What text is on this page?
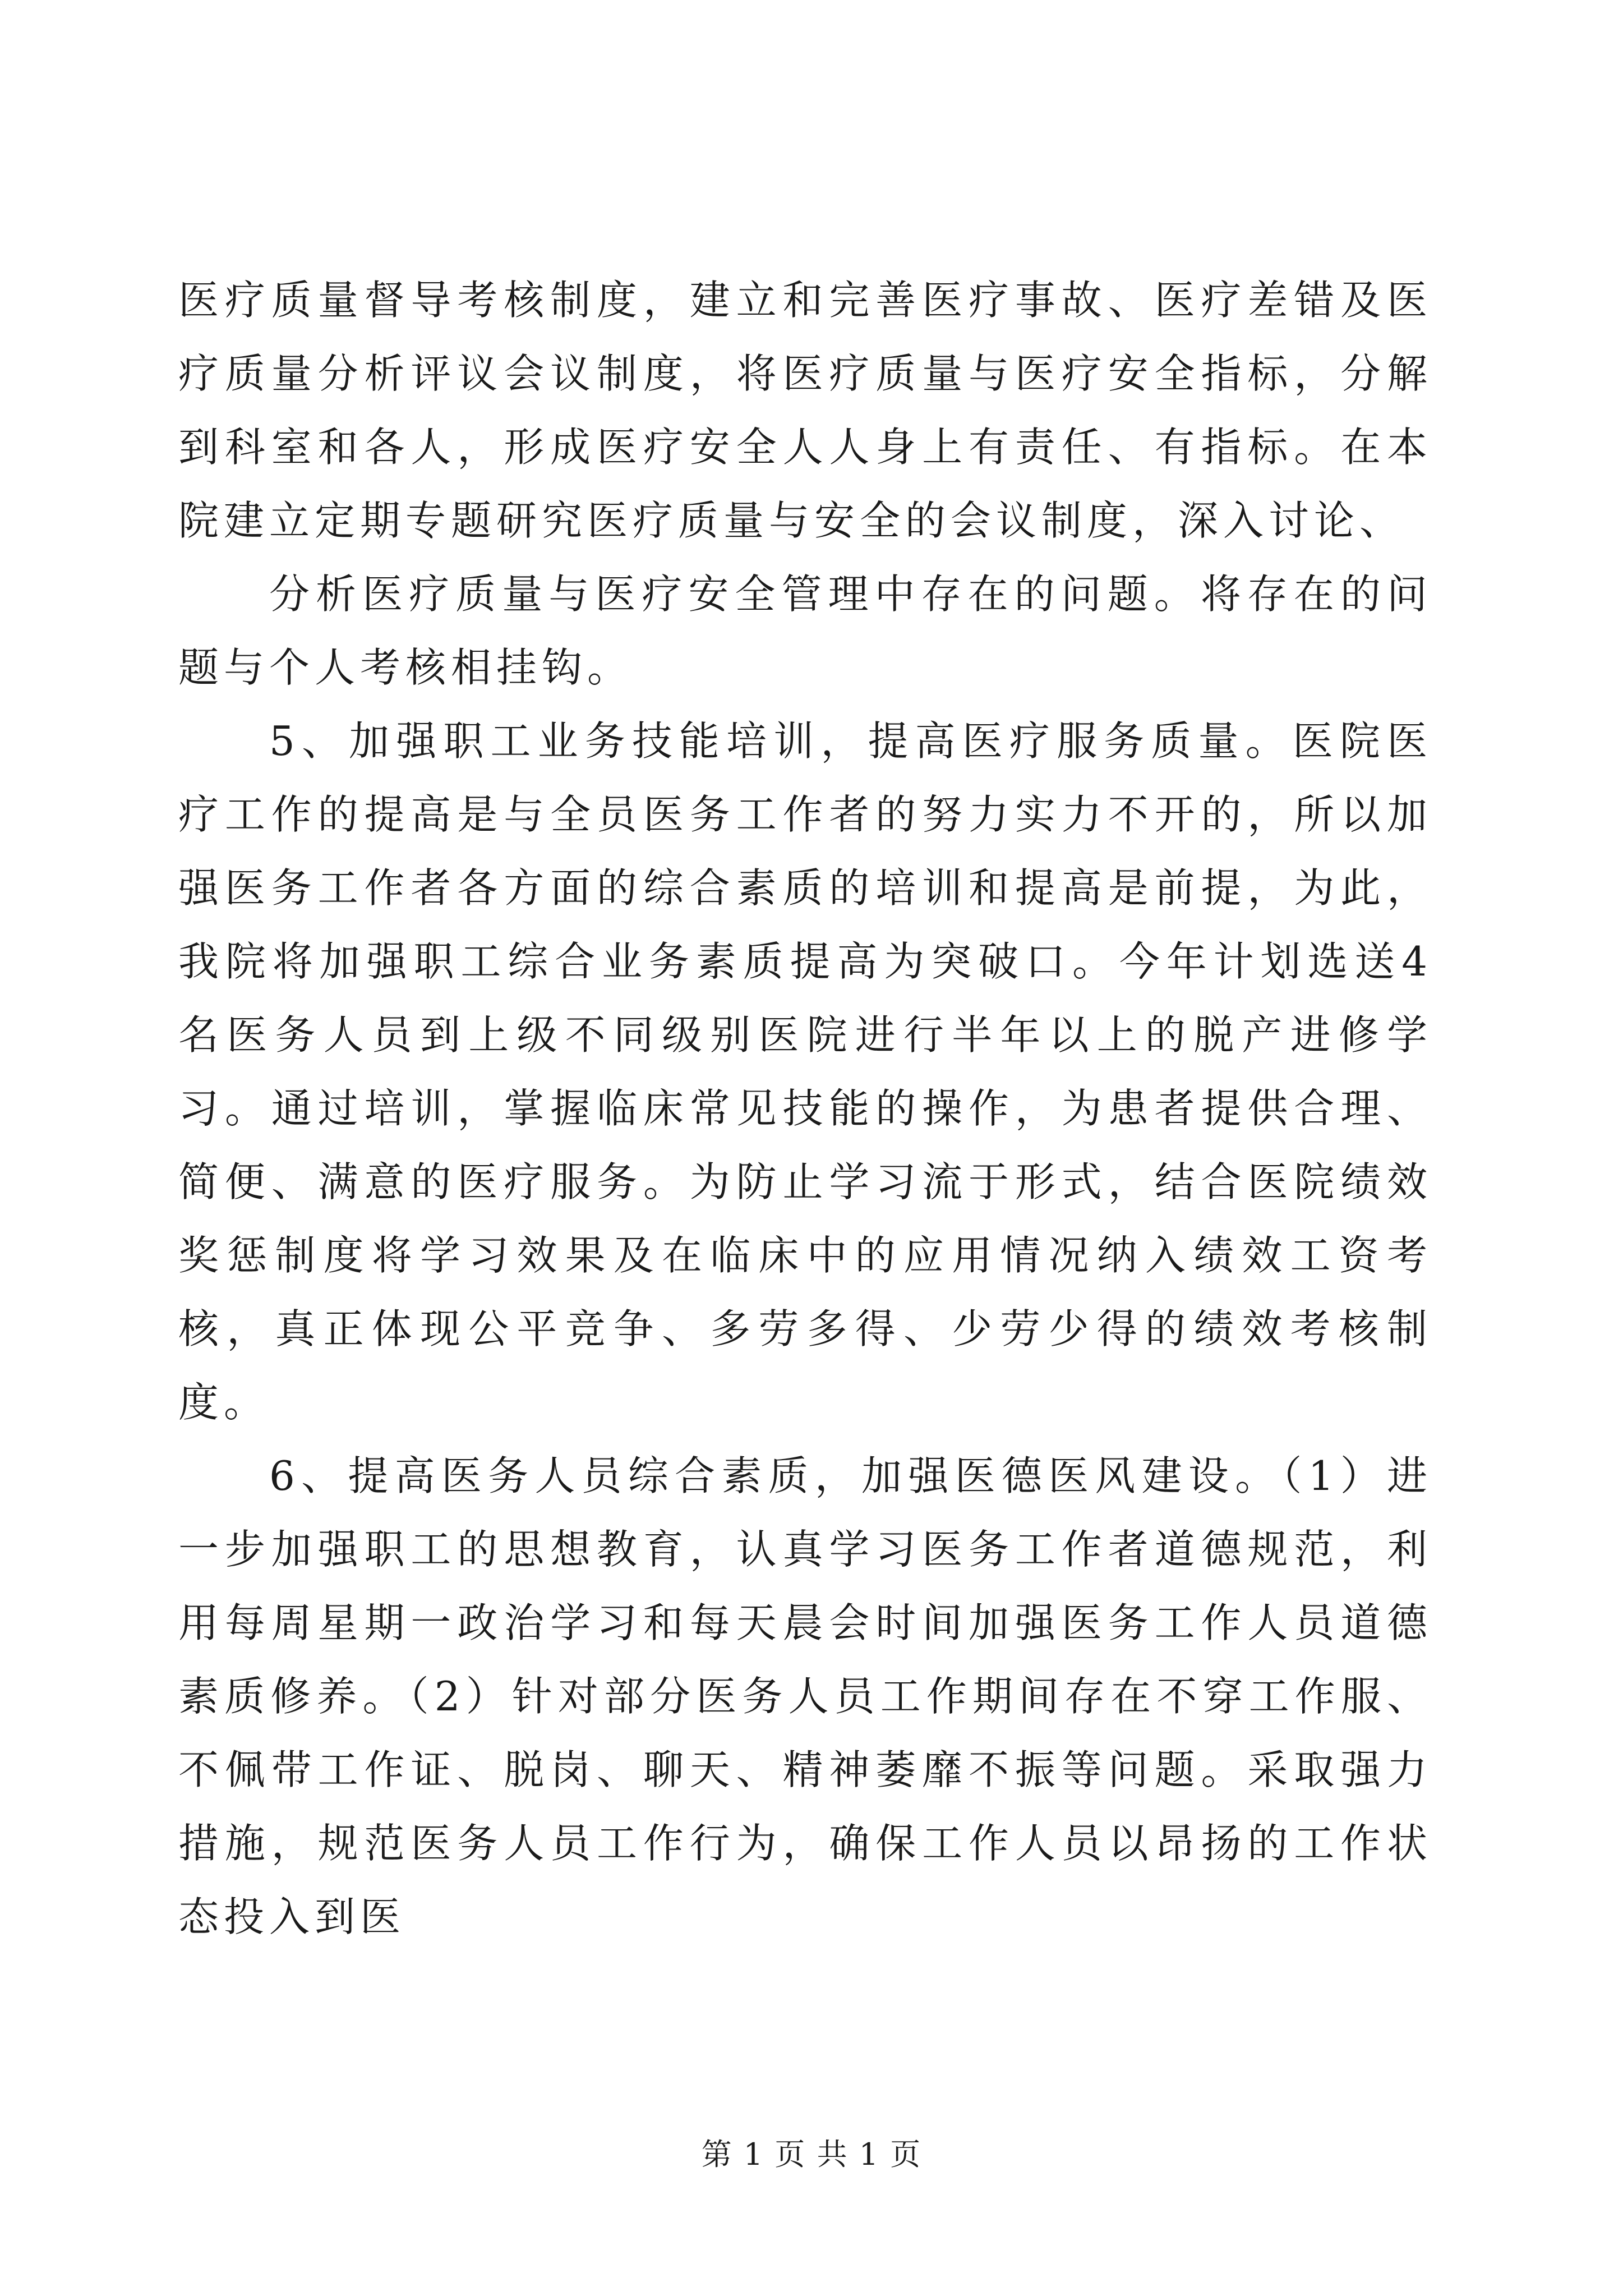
医疗质量督导考核制度，建立和完善医疗事故、医疗差错及医疗质量分析评议会议制度，将医疗质量与医疗安全指标，分解到科室和各人，形成医疗安全人人身上有责任、有指标。在本院建立定期专题研究医疗质量与安全的会议制度，深入讨论、

分析医疗质量与医疗安全管理中存在的问题。将存在的问题与个人考核相挂钩。

5、加强职工业务技能培训，提高医疗服务质量。医院医疗工作的提高是与全员医务工作者的努力实力不开的，所以加强医务工作者各方面的综合素质的培训和提高是前提，为此，我院将加强职工综合业务素质提高为突破口。今年计划选送4名医务人员到上级不同级别医院进行半年以上的脱产进修学习。通过培训，掌握临床常见技能的操作，为患者提供合理、简便、满意的医疗服务。为防止学习流于形式，结合医院绩效奖惩制度将学习效果及在临床中的应用情况纳入绩效工资考核，真正体现公平竞争、多劳多得、少劳少得的绩效考核制度。

6、提高医务人员综合素质，加强医德医风建设。（1）进一步加强职工的思想教育，认真学习医务工作者道德规范，利用每周星期一政治学习和每天晨会时间加强医务工作人员道德素质修养。（2）针对部分医务人员工作期间存在不穿工作服、不佩带工作证、脱岗、聊天、精神萎靡不振等问题。采取强力措施，规范医务人员工作行为，确保工作人员以昂扬的工作状态投入到医

第 1 页 共 1 页
